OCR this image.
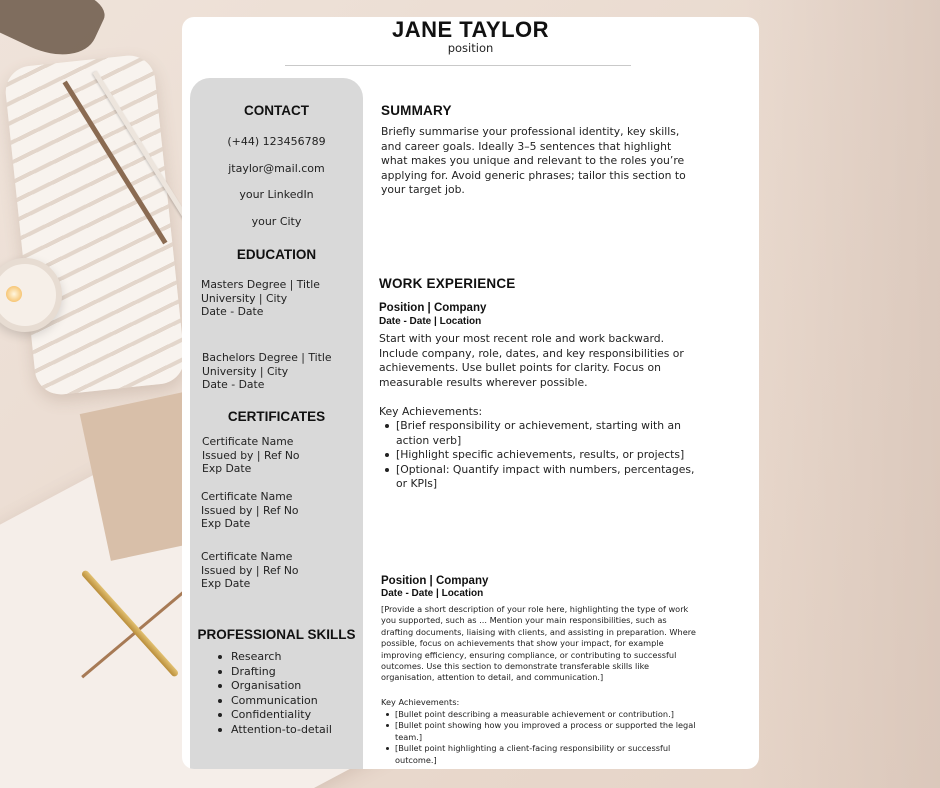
JANE TAYLOR
position
CONTACT
(+44) 123456789
jtaylor@mail.com
your LinkedIn
your City
EDUCATION
Masters Degree | Title
University | City
Date - Date
Bachelors Degree | Title
University | City
Date - Date
CERTIFICATES
Certificate Name
Issued by | Ref No
Exp Date
Certificate Name
Issued by | Ref No
Exp Date
Certificate Name
Issued by | Ref No
Exp Date
PROFESSIONAL SKILLS
Research
Drafting
Organisation
Communication
Confidentiality
Attention-to-detail
SUMMARY
Briefly summarise your professional identity, key skills, and career goals. Ideally 3–5 sentences that highlight what makes you unique and relevant to the roles you’re applying for. Avoid generic phrases; tailor this section to your target job.
WORK EXPERIENCE
Position | Company
Date - Date | Location
Start with your most recent role and work backward. Include company, role, dates, and key responsibilities or achievements. Use bullet points for clarity. Focus on measurable results wherever possible.
Key Achievements:
[Brief responsibility or achievement, starting with an action verb]
[Highlight specific achievements, results, or projects]
[Optional: Quantify impact with numbers, percentages, or KPIs]
Position | Company
Date - Date | Location
[Provide a short description of your role here, highlighting the type of work you supported, such as ... Mention your main responsibilities, such as drafting documents, liaising with clients, and assisting in preparation. Where possible, focus on achievements that show your impact, for example improving efficiency, ensuring compliance, or contributing to successful outcomes. Use this section to demonstrate transferable skills like organisation, attention to detail, and communication.]
Key Achievements:
[Bullet point describing a measurable achievement or contribution.]
[Bullet point showing how you improved a process or supported the legal team.]
[Bullet point highlighting a client-facing responsibility or successful outcome.]
